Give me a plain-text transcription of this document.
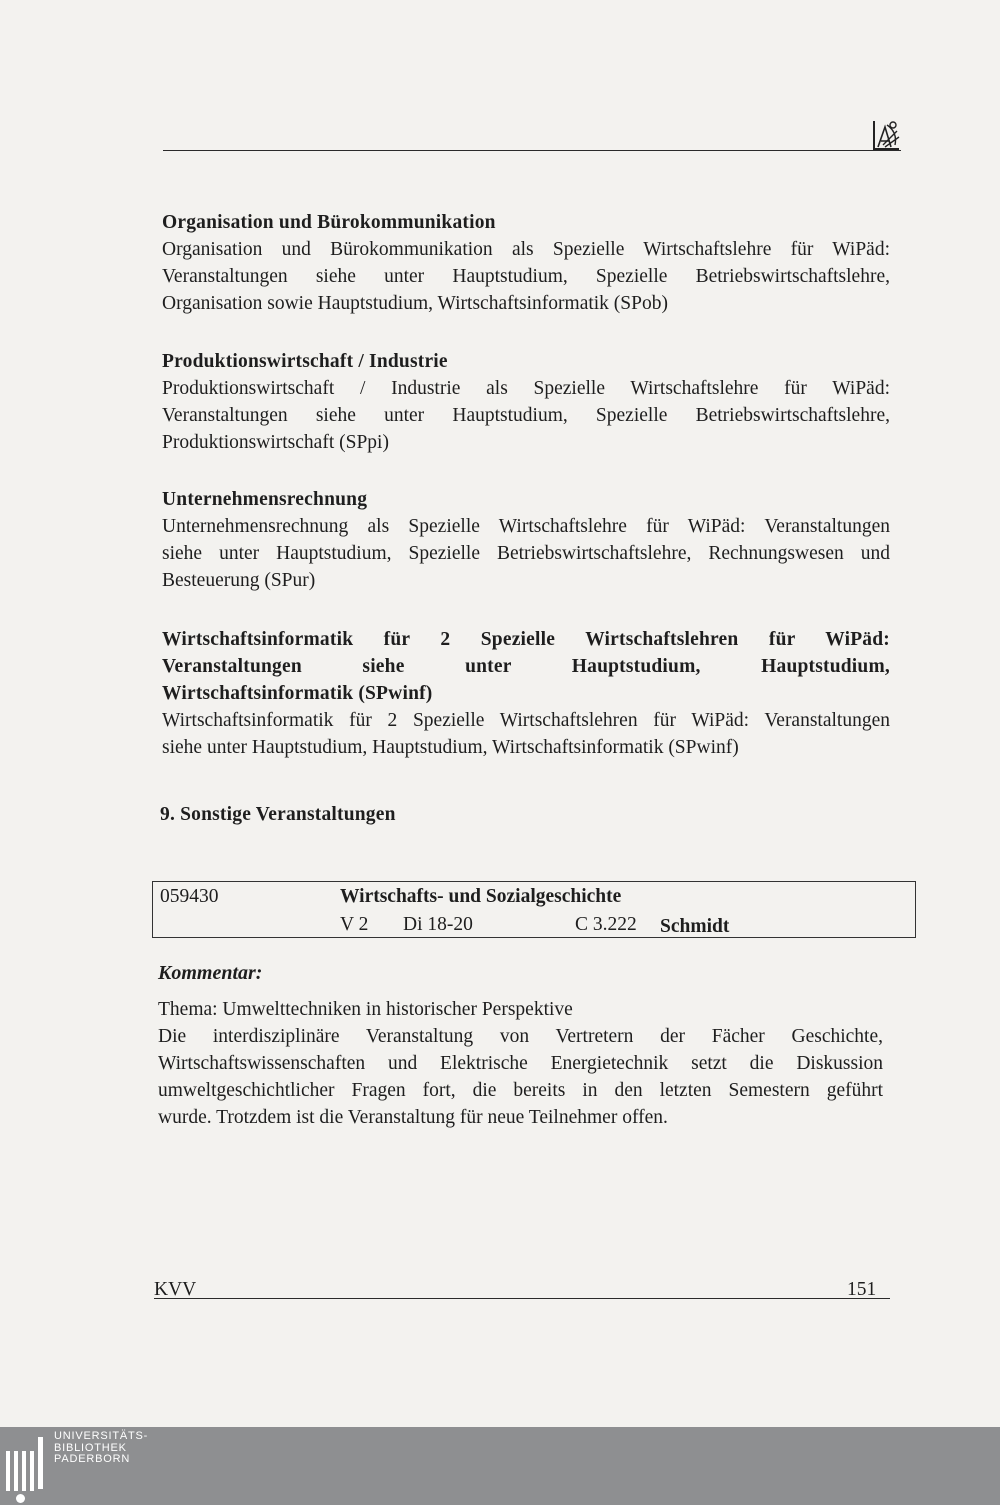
Organisation und Bürokommunikation
Organisation und Bürokommunikation als Spezielle Wirtschaftslehre für WiPäd:
Veranstaltungen siehe unter Hauptstudium, Spezielle Betriebswirtschaftslehre,
Organisation sowie Hauptstudium, Wirtschaftsinformatik (SPob)
Produktionswirtschaft / Industrie
Produktionswirtschaft / Industrie als Spezielle Wirtschaftslehre für WiPäd:
Veranstaltungen siehe unter Hauptstudium, Spezielle Betriebswirtschaftslehre,
Produktionswirtschaft (SPpi)
Unternehmensrechnung
Unternehmensrechnung als Spezielle Wirtschaftslehre für WiPäd: Veranstaltungen
siehe unter Hauptstudium, Spezielle Betriebswirtschaftslehre, Rechnungswesen und
Besteuerung (SPur)
Wirtschaftsinformatik für 2 Spezielle Wirtschaftslehren für WiPäd:
Veranstaltungen siehe unter Hauptstudium, Hauptstudium,
Wirtschaftsinformatik (SPwinf)
Wirtschaftsinformatik für 2 Spezielle Wirtschaftslehren für WiPäd: Veranstaltungen
siehe unter Hauptstudium, Hauptstudium, Wirtschaftsinformatik (SPwinf)
9. Sonstige Veranstaltungen
059430	Wirtschafts- und Sozialgeschichte
V 2 Di 18-20	C 3.222 Schmidt
Kommentar:
Thema: Umwelttechniken in historischer Perspektive
Die interdisziplinäre Veranstaltung von Vertretern der Fächer Geschichte,
Wirtschaftswissenschaften und Elektrische Energietechnik setzt die Diskussion
umweltgeschichtlicher Fragen fort, die bereits in den letzten Semestern geführt
wurde. Trotzdem ist die Veranstaltung für neue Teilnehmer offen.
KVV	151
UNIVERSITÄTS-
BIBLIOTHEK
PADERBORN
